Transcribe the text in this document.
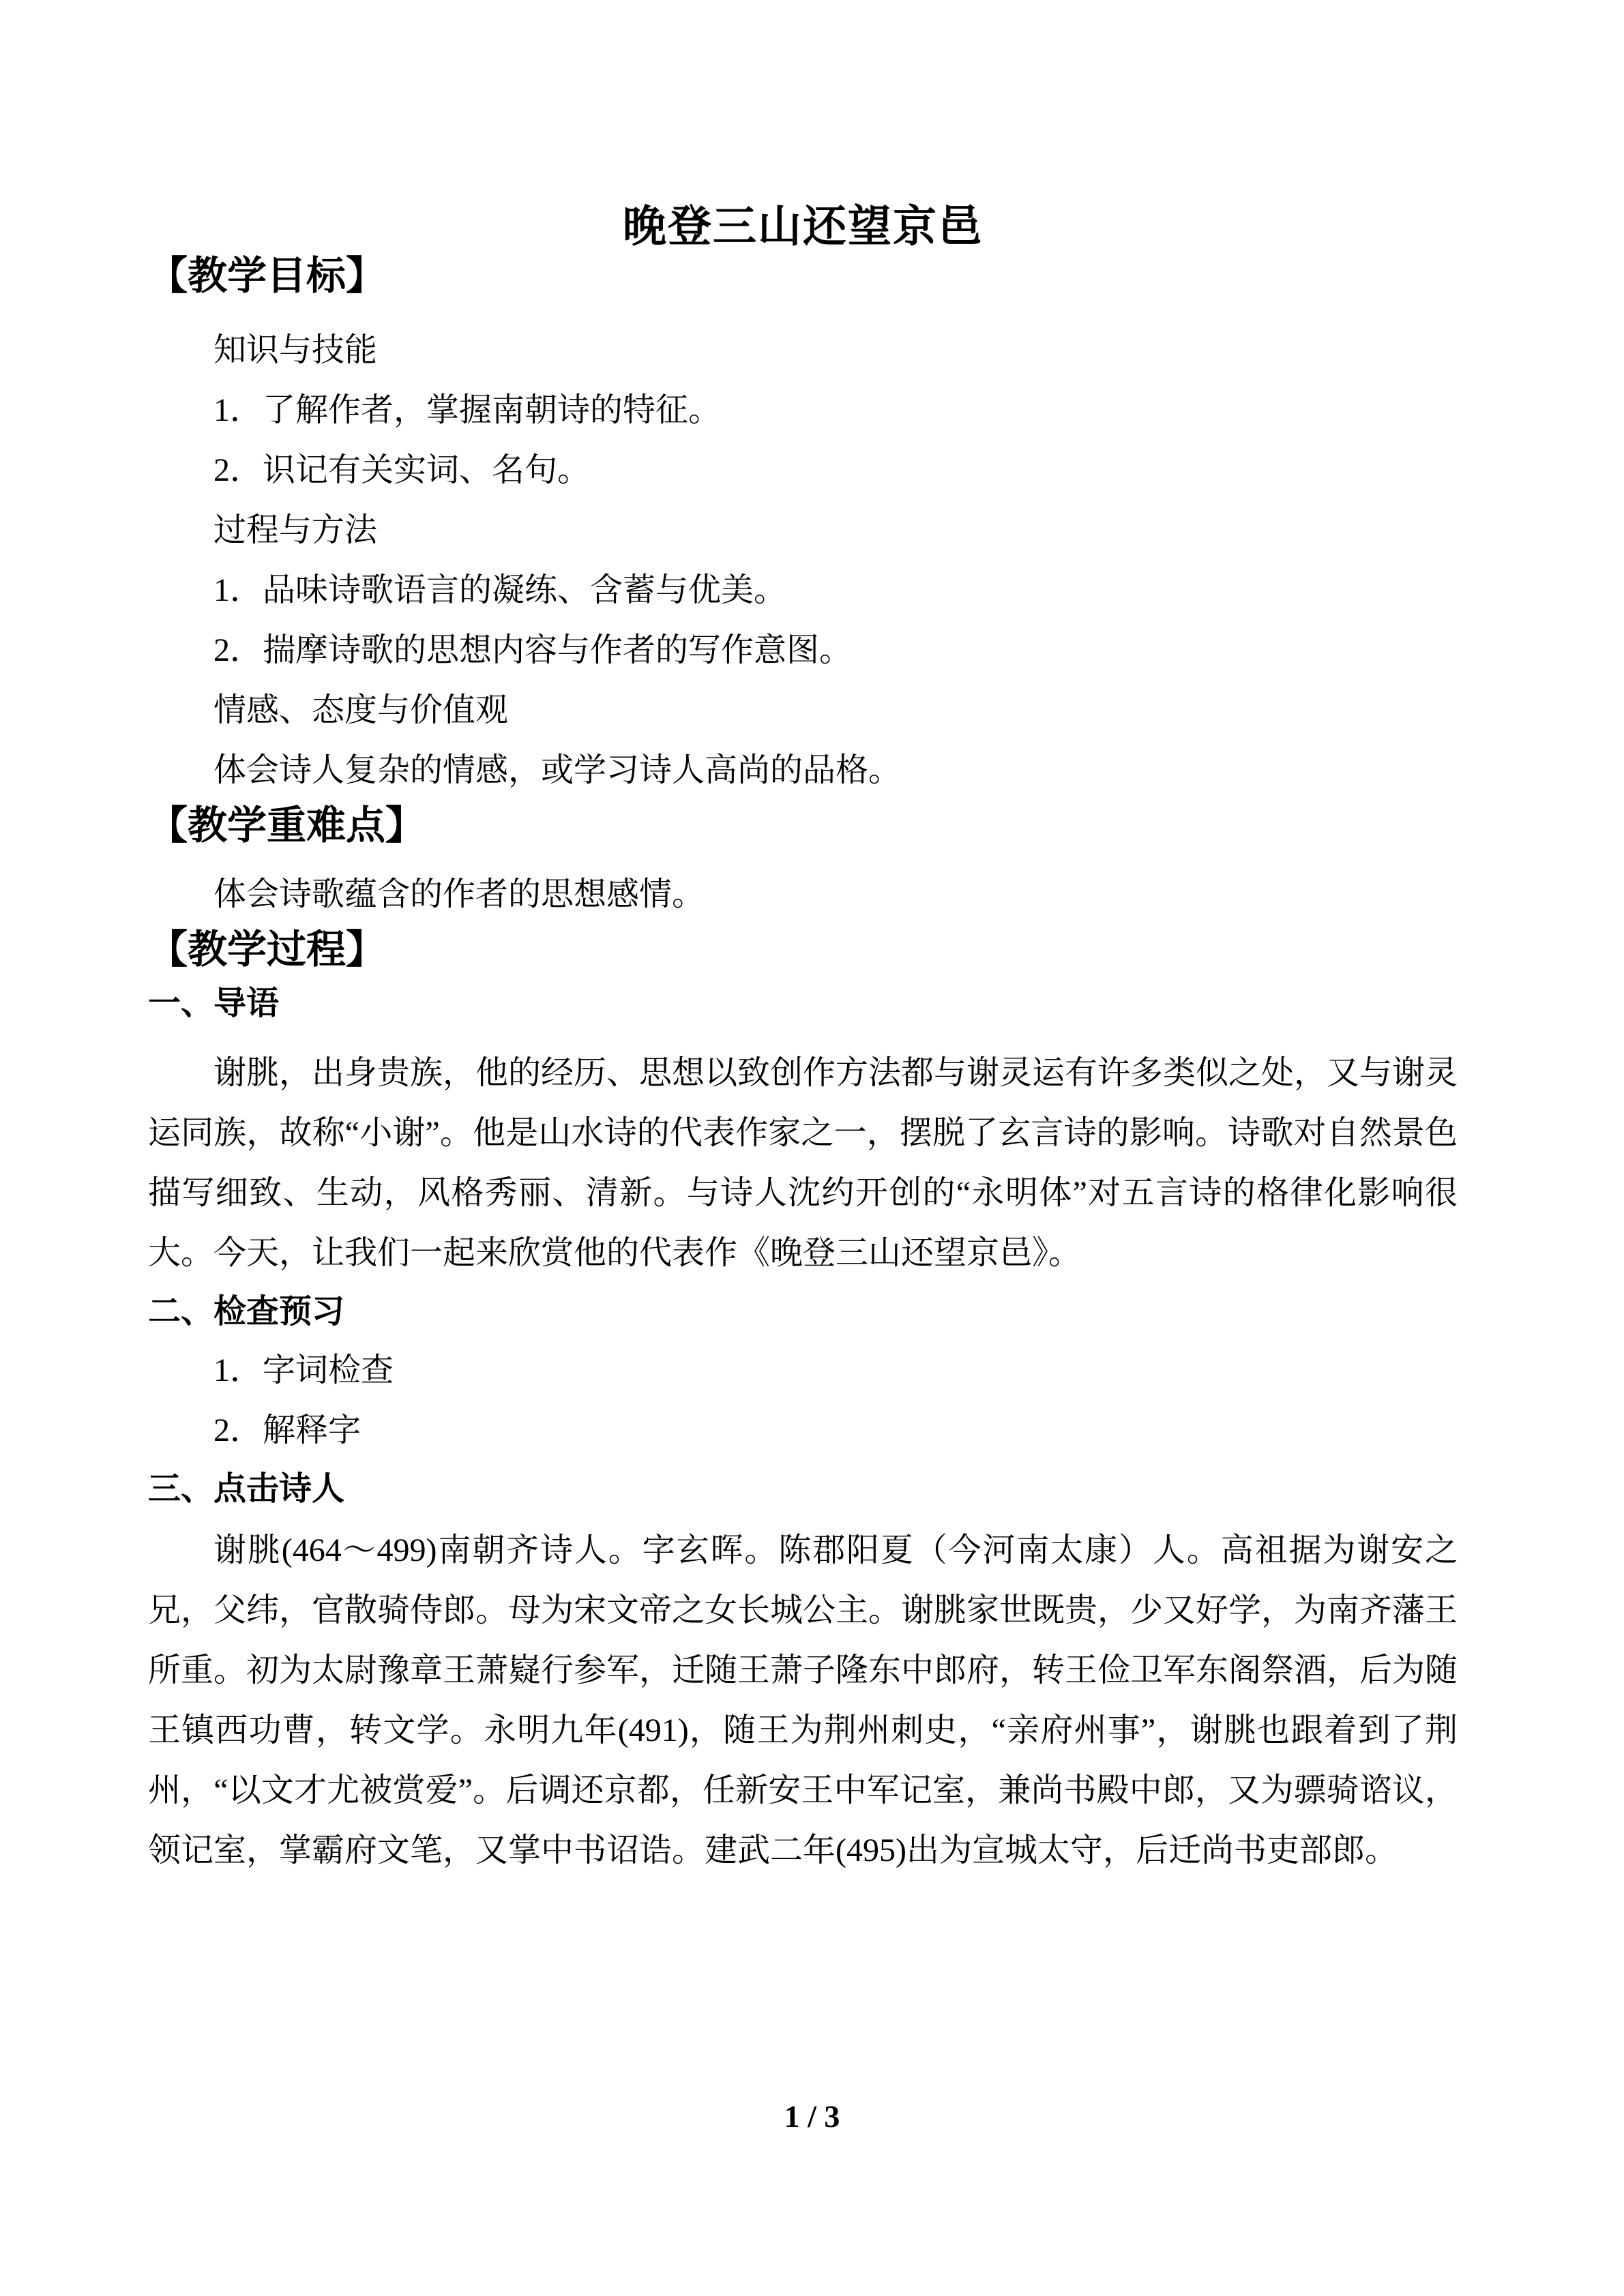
晚登三山还望京邑
【教学目标】

知识与技能

1．了解作者，掌握南朝诗的特征。

2．识记有关实词、名句。

过程与方法

1．品味诗歌语言的凝练、含蓄与优美。

2．揣摩诗歌的思想内容与作者的写作意图。

情感、态度与价值观

体会诗人复杂的情感，或学习诗人高尚的品格。

【教学重难点】

体会诗歌蕴含的作者的思想感情。

【教学过程】
一、导语

谢朓，出身贵族，他的经历、思想以致创作方法都与谢灵运有许多类似之处，又与谢灵运同族，故称“小谢”。他是山水诗的代表作家之一，摆脱了玄言诗的影响。诗歌对自然景色描写细致、生动，风格秀丽、清新。与诗人沈约开创的“永明体”对五言诗的格律化影响很大。今天，让我们一起来欣赏他的代表作《晚登三山还望京邑》。

二、检查预习

1．字词检查

2．解释字

三、点击诗人

谢朓(464～499)南朝齐诗人。字玄晖。陈郡阳夏（今河南太康）人。高祖据为谢安之兄，父纬，官散骑侍郎。母为宋文帝之女长城公主。谢朓家世既贵，少又好学，为南齐藩王所重。初为太尉豫章王萧嶷行参军，迁随王萧子隆东中郎府，转王俭卫军东阁祭酒，后为随王镇西功曹，转文学。永明九年(491)，随王为荆州刺史，“亲府州事”，谢朓也跟着到了荆州，“以文才尤被赏爱”。后调还京都，任新安王中军记室，兼尚书殿中郎，又为骠骑谘议，领记室，掌霸府文笔，又掌中书诏诰。建武二年(495)出为宣城太守，后迁尚书吏部郎。

1 / 3
